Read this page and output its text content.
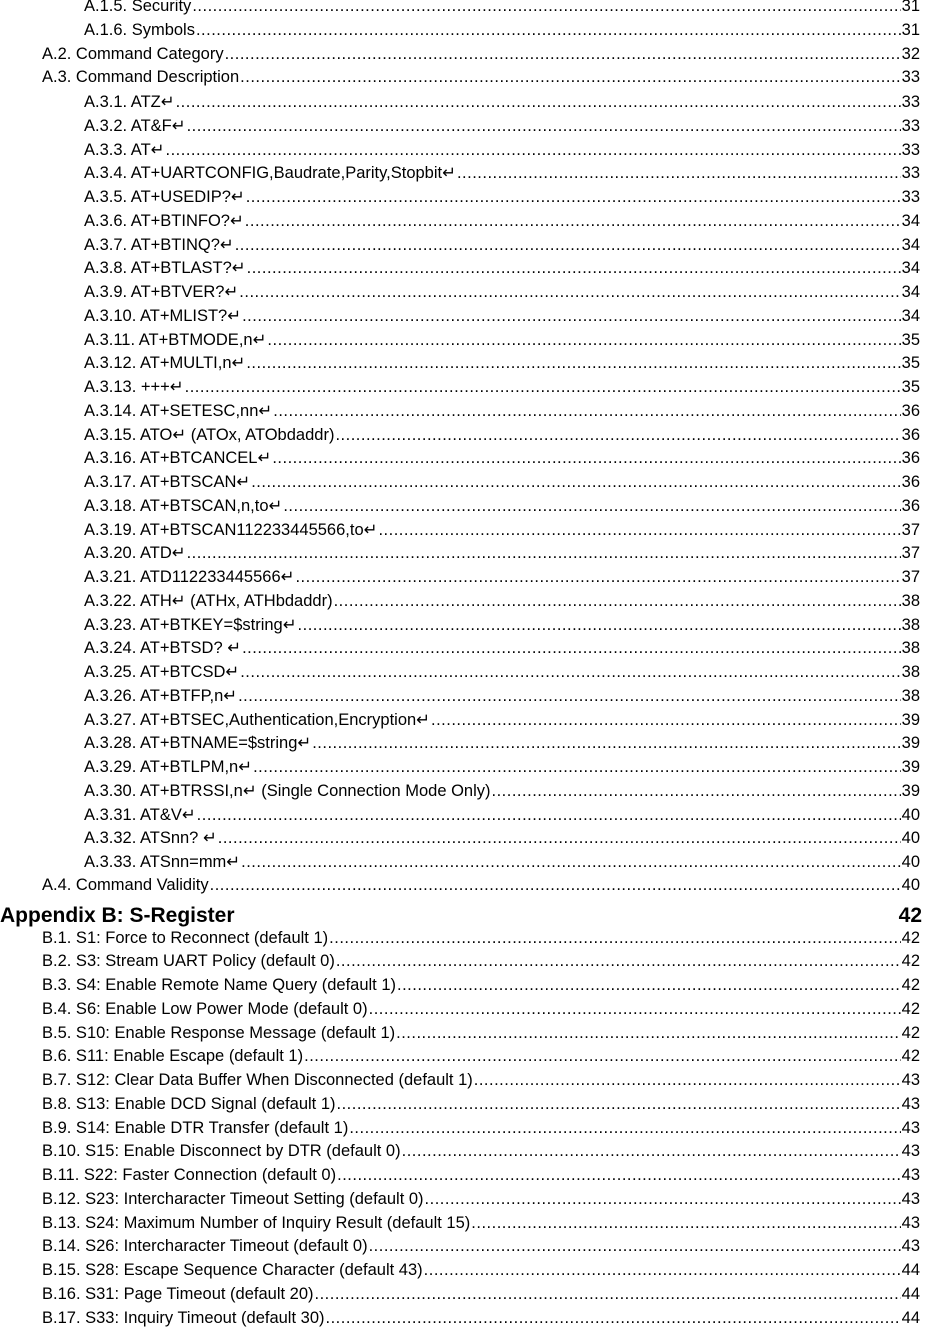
A.1.5. Security .....	31
A.1.6. Symbols .....	31
A.2. Command Category .....	32
A.3. Command Description .....	33
A.3.1. ATZ↵ .....	33
A.3.2. AT&F↵ .....	33
A.3.3. AT↵ .....	33
A.3.4. AT+UARTCONFIG,Baudrate,Parity,Stopbit↵ .....	33
A.3.5. AT+USEDIP?↵ .....	33
A.3.6. AT+BTINFO?↵ .....	34
A.3.7. AT+BTINQ?↵ .....	34
A.3.8. AT+BTLAST?↵ .....	34
A.3.9. AT+BTVER?↵ .....	34
A.3.10. AT+MLIST?↵ .....	34
A.3.11. AT+BTMODE,n↵ .....	35
A.3.12. AT+MULTI,n↵ .....	35
A.3.13. +++↵ .....	35
A.3.14. AT+SETESC,nn↵ .....	36
A.3.15. ATO↵ (ATOx, ATObdaddr) .....	36
A.3.16. AT+BTCANCEL↵ .....	36
A.3.17. AT+BTSCAN↵ .....	36
A.3.18. AT+BTSCAN,n,to↵ .....	36
A.3.19. AT+BTSCAN112233445566,to↵ .....	37
A.3.20. ATD↵ .....	37
A.3.21. ATD112233445566↵ .....	37
A.3.22. ATH↵ (ATHx, ATHbdaddr) .....	38
A.3.23. AT+BTKEY=$string↵ .....	38
A.3.24. AT+BTSD? ↵ .....	38
A.3.25. AT+BTCSD↵ .....	38
A.3.26. AT+BTFP,n↵ .....	38
A.3.27. AT+BTSEC,Authentication,Encryption↵ .....	39
A.3.28. AT+BTNAME=$string↵ .....	39
A.3.29. AT+BTLPM,n↵ .....	39
A.3.30. AT+BTRSSI,n↵ (Single Connection Mode Only) .....	39
A.3.31. AT&V↵ .....	40
A.3.32. ATSnn? ↵ .....	40
A.3.33. ATSnn=mm↵ .....	40
A.4. Command Validity .....	40
Appendix B: S-Register	42
B.1. S1: Force to Reconnect (default 1) .....	42
B.2. S3: Stream UART Policy (default 0) .....	42
B.3. S4: Enable Remote Name Query (default 1) .....	42
B.4. S6: Enable Low Power Mode (default 0) .....	42
B.5. S10: Enable Response Message (default 1) .....	42
B.6. S11: Enable Escape (default 1) .....	42
B.7. S12: Clear Data Buffer When Disconnected (default 1) .....	43
B.8. S13: Enable DCD Signal (default 1) .....	43
B.9. S14: Enable DTR Transfer (default 1) .....	43
B.10. S15: Enable Disconnect by DTR (default 0) .....	43
B.11. S22: Faster Connection (default 0) .....	43
B.12. S23: Intercharacter Timeout Setting (default 0) .....	43
B.13. S24: Maximum Number of Inquiry Result (default 15) .....	43
B.14. S26: Intercharacter Timeout (default 0) .....	43
B.15. S28: Escape Sequence Character (default 43) .....	44
B.16. S31: Page Timeout (default 20) .....	44
B.17. S33: Inquiry Timeout (default 30) .....	44
